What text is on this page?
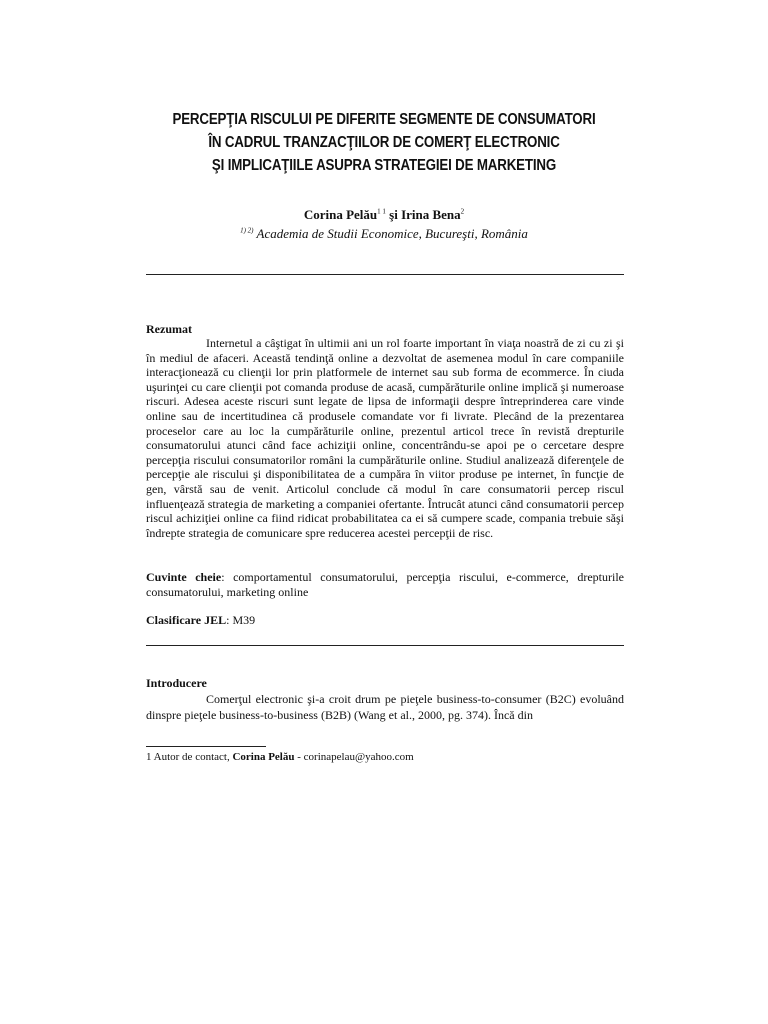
PERCEPŢIA RISCULUI PE DIFERITE SEGMENTE DE CONSUMATORI
ÎN CADRUL TRANZACŢIILOR DE COMERŢ ELECTRONIC
ŞI IMPLICAŢIILE ASUPRA STRATEGIEI DE MARKETING
Corina Pelău$^{1 1}$ şi Irina Bena$^2$
$^{1) 2)}$ Academia de Studii Economice, Bucureşti, România
Rezumat
Internetul a câştigat în ultimii ani un rol foarte important în viaţa noastră de zi cu zi şi în mediul de afaceri. Această tendinţă online a dezvoltat de asemenea modul în care companiile interacţionează cu clienţii lor prin platformele de internet sau sub forma de ecommerce. În ciuda uşurinţei cu care clienţii pot comanda produse de acasă, cumpărăturile online implică şi numeroase riscuri. Adesea aceste riscuri sunt legate de lipsa de informaţii despre întreprinderea care vinde online sau de incertitudinea că produsele comandate vor fi livrate. Plecând de la prezentarea proceselor care au loc la cumpărăturile online, prezentul articol trece în revistă drepturile consumatorului atunci când face achiziţii online, concentrându-se apoi pe o cercetare despre percepţia riscului consumatorilor români la cumpărăturile online. Studiul analizează diferenţele de percepţie ale riscului şi disponibilitatea de a cumpăra în viitor produse pe internet, în funcţie de gen, vârstă sau de venit. Articolul conclude că modul în care consumatorii percep riscul influenţează strategia de marketing a companiei ofertante. Întrucât atunci când consumatorii percep riscul achiziţiei online ca fiind ridicat probabilitatea ca ei să cumpere scade, compania trebuie săşi îndrepte strategia de comunicare spre reducerea acestei percepţii de risc.
Cuvinte cheie: comportamentul consumatorului, percepţia riscului, e-commerce, drepturile consumatorului, marketing online
Clasificare JEL: M39
Introducere
Comerţul electronic şi-a croit drum pe pieţele business-to-consumer (B2C) evoluând dinspre pieţele business-to-business (B2B) (Wang et al., 2000, pg. 374). Încă din
1 Autor de contact, Corina Pelău - corinapelau@yahoo.com
